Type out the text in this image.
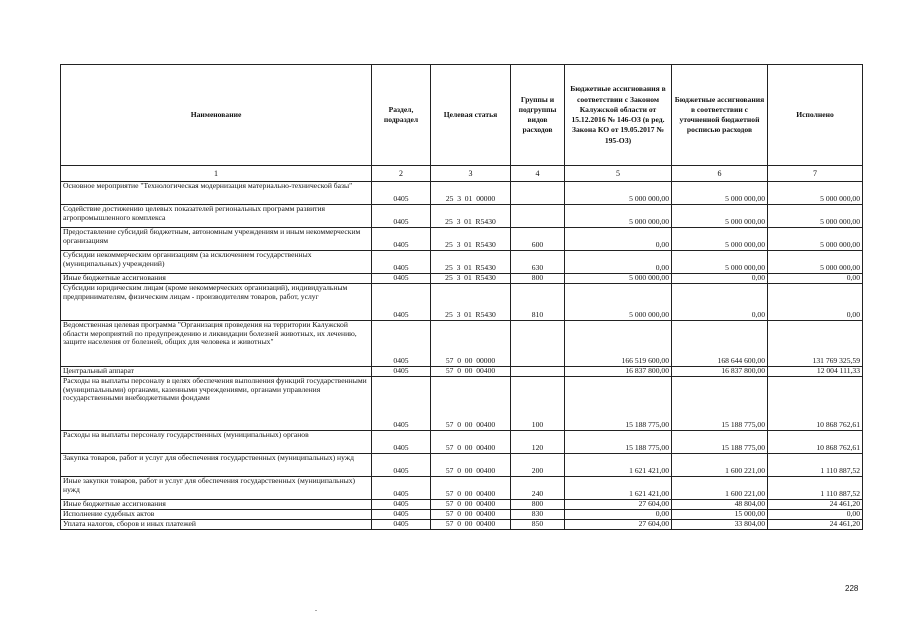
Наименование	Раздел, подраздел	Целевая статья	Группы и подгруппы видов расходов	Бюджетные ассигнования в соответствии с Законом Калужской области от 15.12.2016 № 146-ОЗ (в ред. Закона КО от 19.05.2017 № 195-ОЗ)	Бюджетные ассигнования в соответствии с уточненной бюджетной росписью расходов	Исполнено
1	2	3	4	5	6	7
Основное мероприятие "Технологическая модернизация материально-технической базы"	0405	25  3  01  00000		5 000 000,00	5 000 000,00	5 000 000,00
Содействие достижению целевых показателей региональных программ развития агропромышленного комплекса	0405	25  3  01  R5430		5 000 000,00	5 000 000,00	5 000 000,00
Предоставление субсидий бюджетным, автономным учреждениям и иным некоммерческим организациям	0405	25  3  01  R5430	600	0,00	5 000 000,00	5 000 000,00
Субсидии некоммерческим организациям (за исключением государственных (муниципальных) учреждений)	0405	25  3  01  R5430	630	0,00	5 000 000,00	5 000 000,00
Иные бюджетные ассигнования	0405	25  3  01  R5430	800	5 000 000,00	0,00	0,00
Субсидии юридическим лицам (кроме некоммерческих организаций), индивидуальным предпринимателям, физическим лицам - производителям товаров, работ, услуг	0405	25  3  01  R5430	810	5 000 000,00	0,00	0,00
Ведомственная целевая программа "Организация проведения на территории Калужской области мероприятий по предупреждению и ликвидации болезней животных, их лечению, защите населения от болезней, общих для человека и животных"	0405	57  0  00  00000		166 519 600,00	168 644 600,00	131 769 325,59
Центральный аппарат	0405	57  0  00  00400		16 837 800,00	16 837 800,00	12 004 111,33
Расходы на выплаты персоналу в целях обеспечения выполнения функций государственными (муниципальными) органами, казенными учреждениями, органами управления государственными внебюджетными фондами	0405	57  0  00  00400	100	15 188 775,00	15 188 775,00	10 868 762,61
Расходы на выплаты персоналу государственных (муниципальных) органов	0405	57  0  00  00400	120	15 188 775,00	15 188 775,00	10 868 762,61
Закупка товаров, работ и услуг для обеспечения государственных (муниципальных) нужд	0405	57  0  00  00400	200	1 621 421,00	1 600 221,00	1 110 887,52
Иные закупки товаров, работ и услуг для обеспечения государственных (муниципальных) нужд	0405	57  0  00  00400	240	1 621 421,00	1 600 221,00	1 110 887,52
Иные бюджетные ассигнования	0405	57  0  00  00400	800	27 604,00	48 804,00	24 461,20
Исполнение судебных актов	0405	57  0  00  00400	830	0,00	15 000,00	0,00
Уплата налогов, сборов и иных платежей	0405	57  0  00  00400	850	27 604,00	33 804,00	24 461,20
228
.
